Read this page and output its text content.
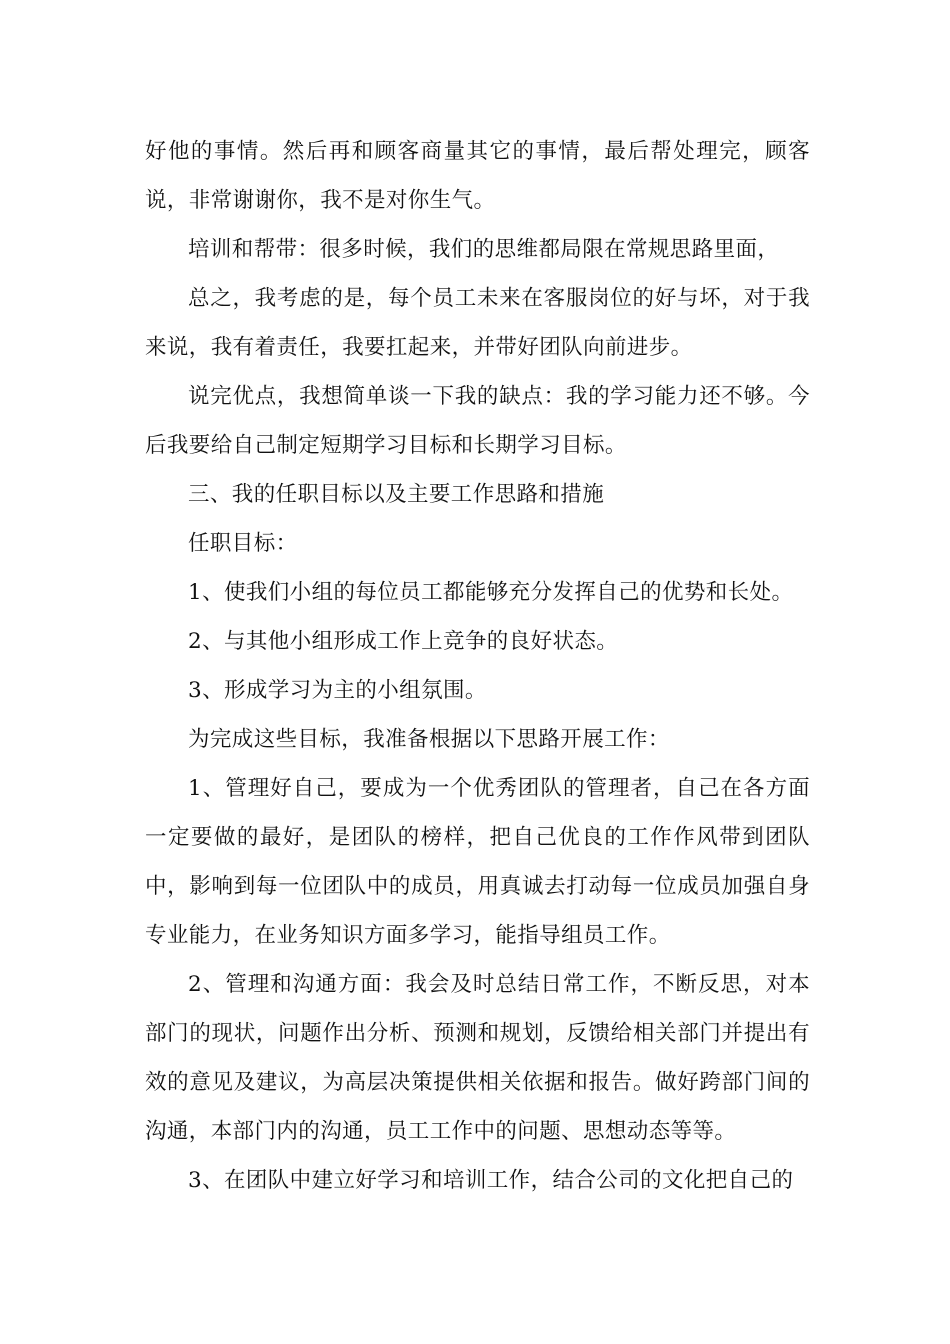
好他的事情。然后再和顾客商量其它的事情，最后帮处理完，顾客说，非常谢谢你，我不是对你生气。

培训和帮带：很多时候，我们的思维都局限在常规思路里面，

总之，我考虑的是，每个员工未来在客服岗位的好与坏，对于我来说，我有着责任，我要扛起来，并带好团队向前进步。

说完优点，我想简单谈一下我的缺点：我的学习能力还不够。今后我要给自己制定短期学习目标和长期学习目标。

三、我的任职目标以及主要工作思路和措施

任职目标：

1、使我们小组的每位员工都能够充分发挥自己的优势和长处。

2、与其他小组形成工作上竞争的良好状态。

3、形成学习为主的小组氛围。

为完成这些目标，我准备根据以下思路开展工作：

1、管理好自己，要成为一个优秀团队的管理者，自己在各方面一定要做的最好，是团队的榜样，把自己优良的工作作风带到团队中，影响到每一位团队中的成员，用真诚去打动每一位成员加强自身专业能力，在业务知识方面多学习，能指导组员工作。

2、管理和沟通方面：我会及时总结日常工作，不断反思，对本部门的现状，问题作出分析、预测和规划，反馈给相关部门并提出有效的意见及建议，为高层决策提供相关依据和报告。做好跨部门间的沟通，本部门内的沟通，员工工作中的问题、思想动态等等。

3、在团队中建立好学习和培训工作，结合公司的文化把自己的
